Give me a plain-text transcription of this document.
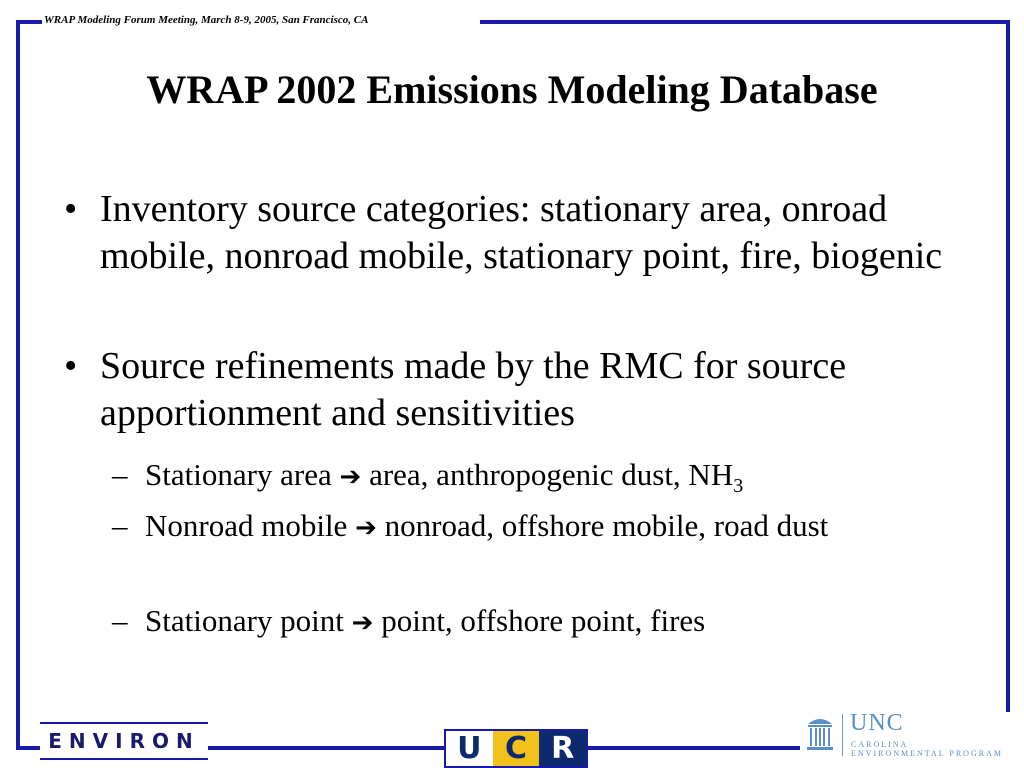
WRAP Modeling Forum Meeting, March 8-9, 2005, San Francisco, CA
WRAP 2002 Emissions Modeling Database
• Inventory source categories: stationary area, onroad mobile, nonroad mobile, stationary point, fire, biogenic
• Source refinements made by the RMC for source apportionment and sensitivities
– Stationary area ➔ area, anthropogenic dust, $NH_3$
– Nonroad mobile ➔ nonroad, offshore mobile, road dust
– Stationary point ➔ point, offshore point, fires
ENVIRON	U C R
UNC
CAROLINA
ENVIRONMENTAL PROGRAM
